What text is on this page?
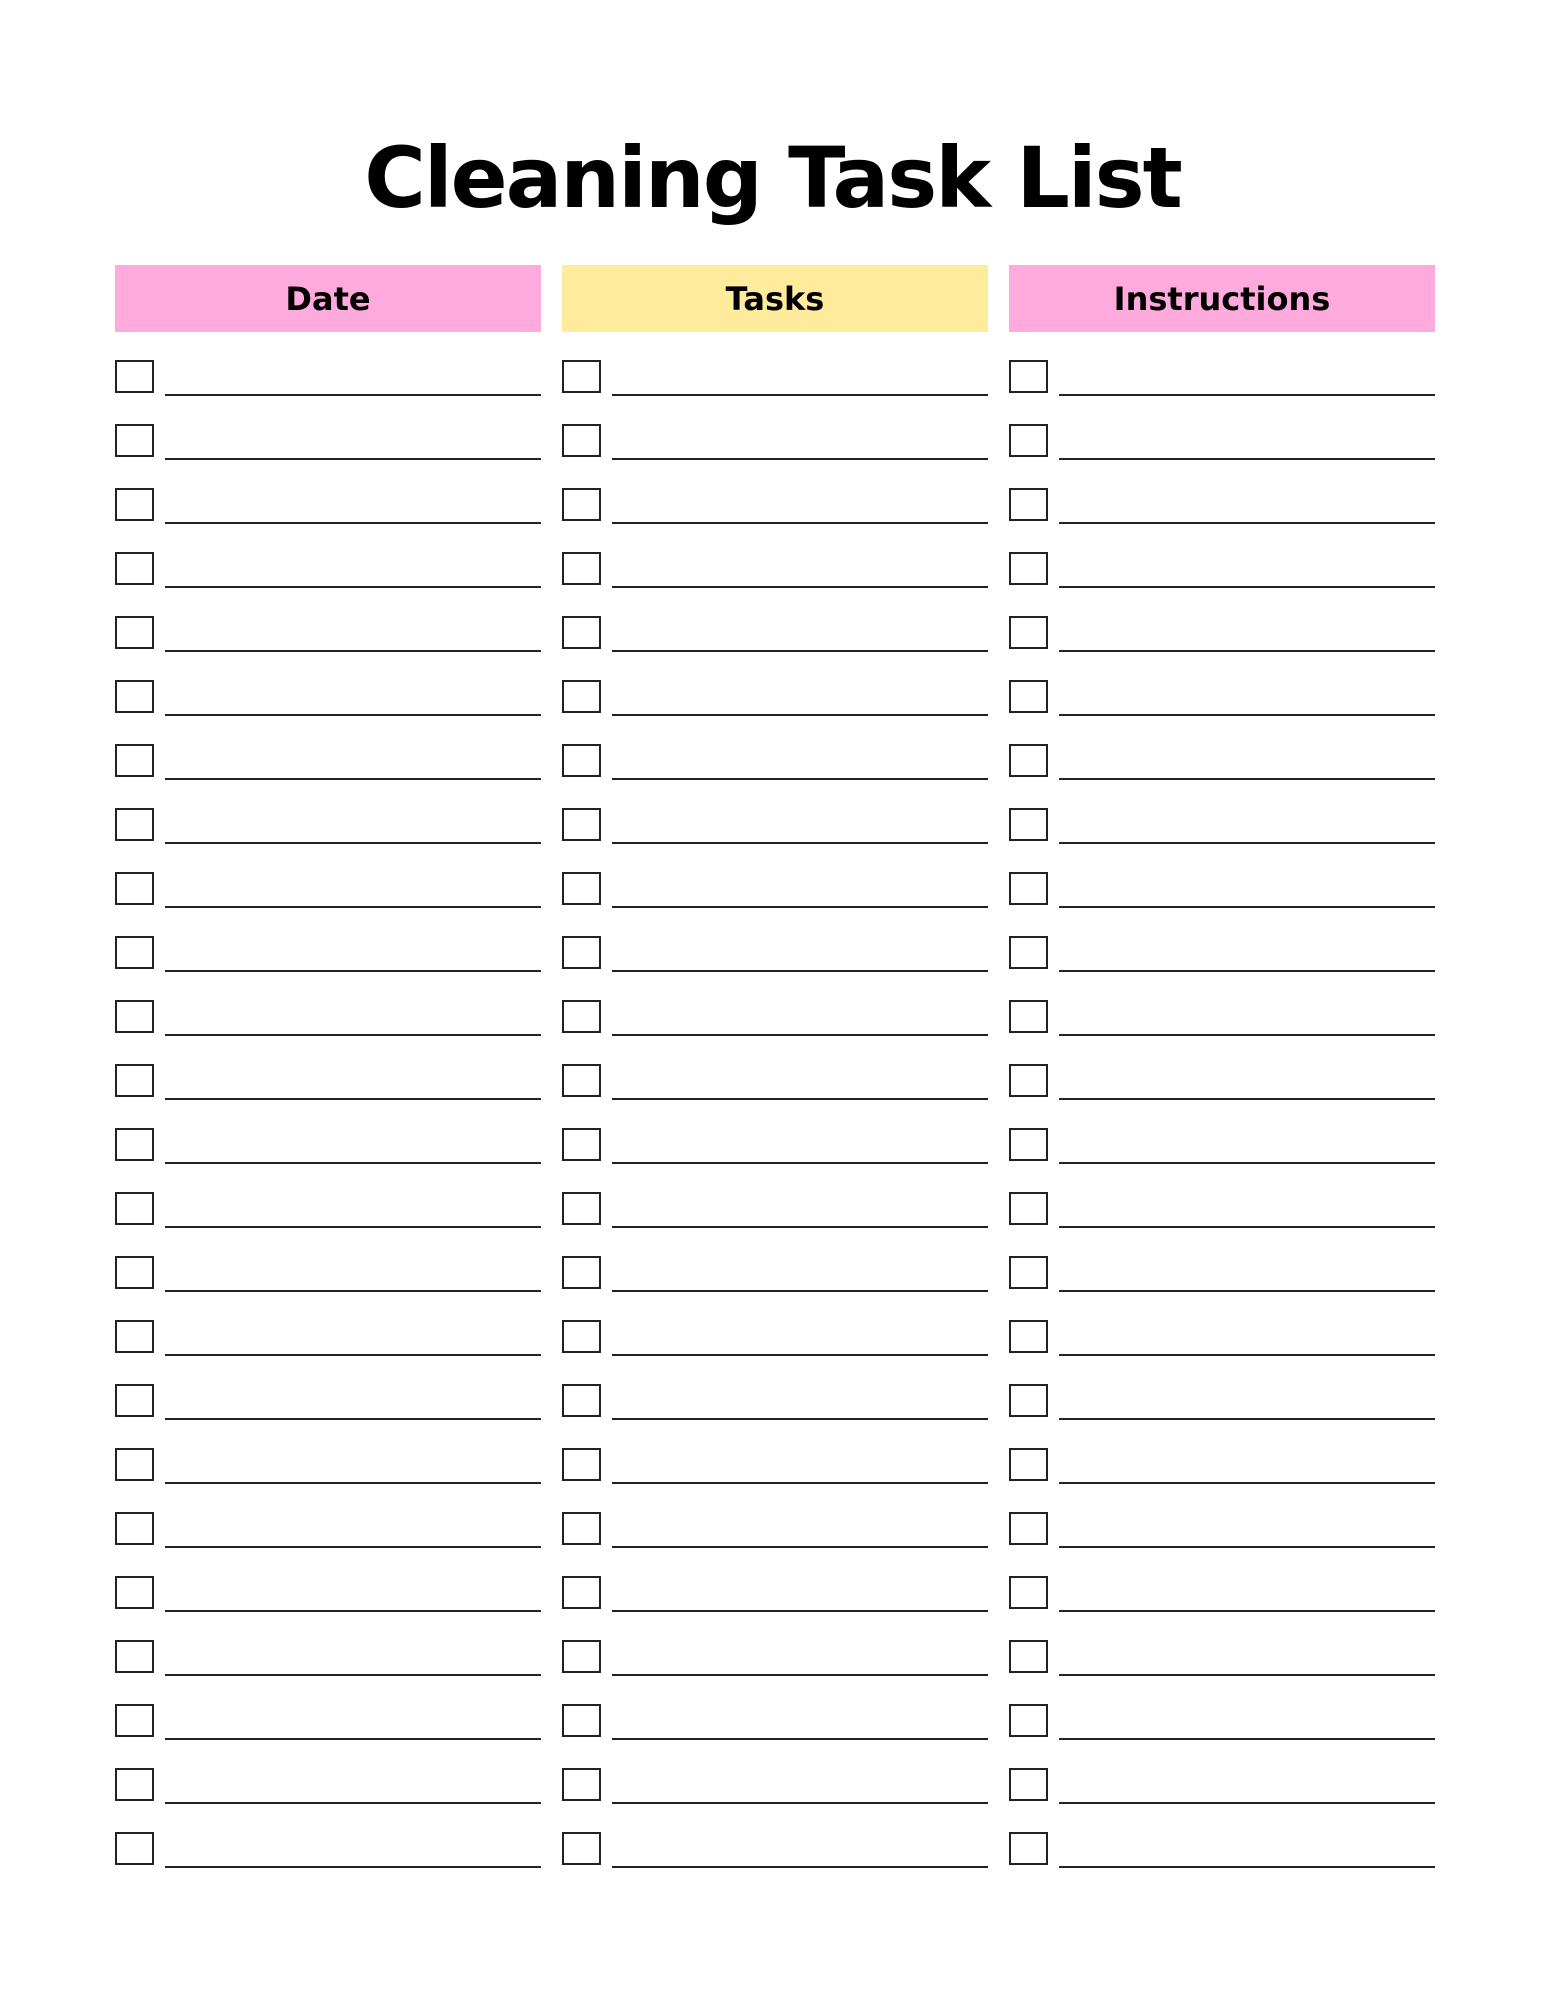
Cleaning Task List
Date	Tasks	Instructions
